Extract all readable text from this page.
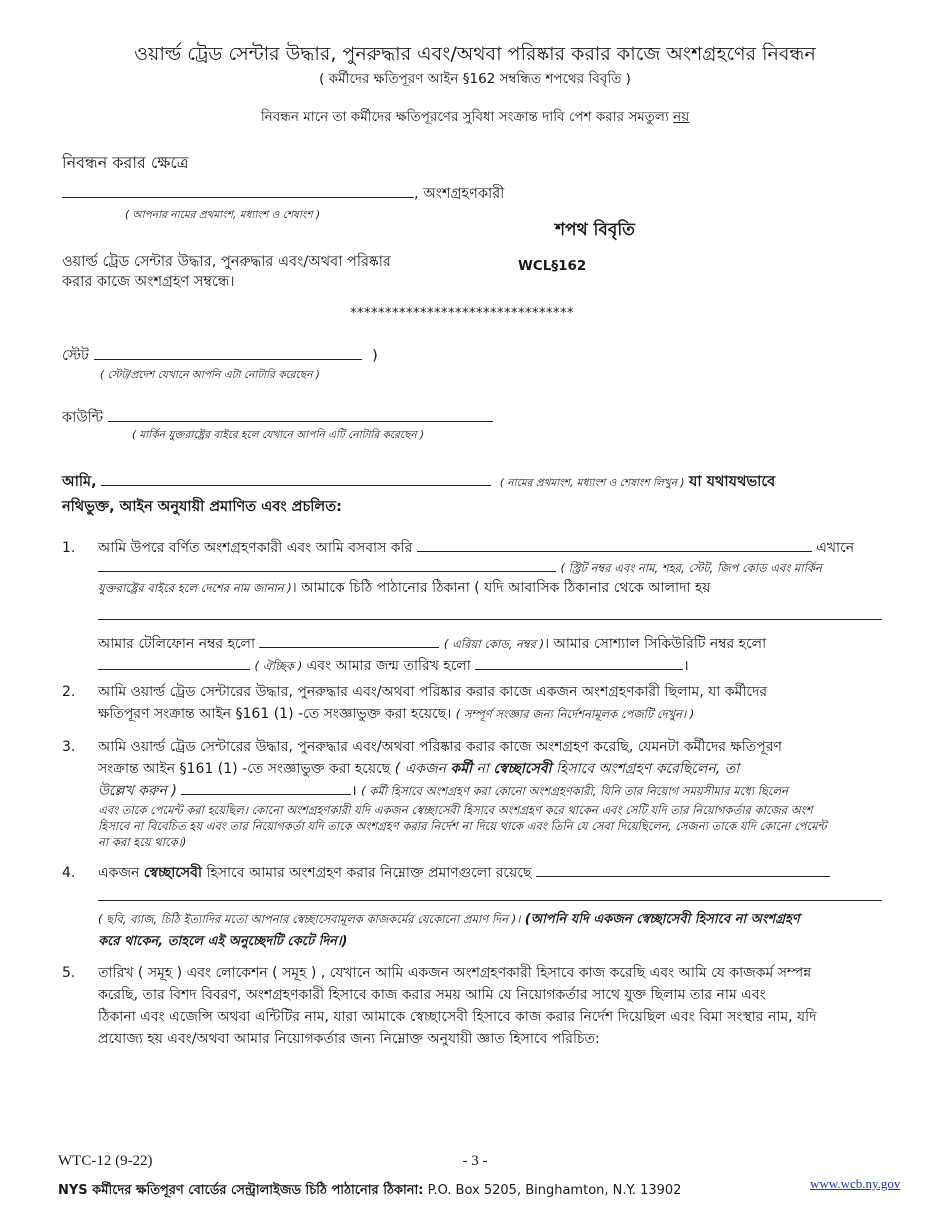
ওয়ার্ল্ড ট্রেড সেন্টার উদ্ধার, পুনরুদ্ধার এবং/অথবা পরিষ্কার করার কাজে অংশগ্রহণের নিবন্ধন
( কর্মীদের ক্ষতিপূরণ আইন §162 সম্বন্ধিত শপথের বিবৃতি )
নিবন্ধন মানে তা কর্মীদের ক্ষতিপূরণের সুবিধা সংক্রান্ত দাবি পেশ করার সমতুল্য নয়
নিবন্ধন করার ক্ষেত্রে
, অংশগ্রহণকারী
( আপনার নামের প্রথমাংশ, মধ্যাংশ ও শেষাংশ )
শপথ বিবৃতি
WCL§162
ওয়ার্ল্ড ট্রেড সেন্টার উদ্ধার, পুনরুদ্ধার এবং/অথবা পরিষ্কার
করার কাজে অংশগ্রহণ সম্বন্ধে।
********************************
স্টেট	)
( স্টেট/প্রদেশ যেখানে আপনি এটা নোটারি করেছেন )
কাউন্টি
( মার্কিন যুক্তরাষ্ট্রের বাইরে হলে যেখানে আপনি এটি নোটারি করেছেন )
আমি,	( নামের প্রথমাংশ, মধ্যাংশ ও শেষাংশ লিখুন ) যা যথাযথভাবে
নথিভুক্ত, আইন অনুযায়ী প্রমাণিত এবং প্রচলিত:
1.	আমি উপরে বর্ণিত অংশগ্রহণকারী এবং আমি বসবাস করি	এখানে
( স্ট্রিট নম্বর এবং নাম, শহর, স্টেট, জিপ কোড এবং মার্কিন
যুক্তরাষ্ট্রের বাইরে হলে দেশের নাম জানান )। আমাকে চিঠি পাঠানোর ঠিকানা ( যদি আবাসিক ঠিকানার থেকে আলাদা হয়
আমার টেলিফোন নম্বর হলো	( এরিয়া কোড, নম্বর )। আমার সোশ্যাল সিকিউরিটি নম্বর হলো
( ঐচ্ছিক ) এবং আমার জন্ম তারিখ হলো	।
2.	আমি ওয়ার্ল্ড ট্রেড সেন্টারের উদ্ধার, পুনরুদ্ধার এবং/অথবা পরিষ্কার করার কাজে একজন অংশগ্রহণকারী ছিলাম, যা কর্মীদের
ক্ষতিপূরণ সংক্রান্ত আইন §161 (1) -তে সংজ্ঞাভুক্ত করা হয়েছে। ( সম্পূর্ণ সংজ্ঞার জন্য নির্দেশনামূলক পেজটি দেখুন। )
3.	আমি ওয়ার্ল্ড ট্রেড সেন্টারের উদ্ধার, পুনরুদ্ধার এবং/অথবা পরিষ্কার করার কাজে অংশগ্রহণ করেছি, যেমনটা কর্মীদের ক্ষতিপূরণ
সংক্রান্ত আইন §161 (1) -তে সংজ্ঞাভুক্ত করা হয়েছে ( একজন কর্মী না স্বেচ্ছাসেবী হিসাবে অংশগ্রহণ করেছিলেন, তা
উল্লেখ করুন )	। ( কর্মী হিসাবে অংশগ্রহণ করা কোনো অংশগ্রহণকারী, যিনি তার নিয়োগ সময়সীমার মধ্যে ছিলেন
এবং তাকে পেমেন্ট করা হয়েছিল। কোনো অংশগ্রহণকারী যদি একজন স্বেচ্ছাসেবী হিসাবে অংশগ্রহণ করে থাকেন এবং সেটি যদি তার নিয়োগকর্তার কাজের অংশ
হিসাবে না বিবেচিত হয় এবং তার নিয়োগকর্তা যদি তাকে অংশগ্রহণ করার নির্দেশ না দিয়ে থাকে এবং তিনি যে সেবা দিয়েছিলেন, সেজন্য তাকে যদি কোনো পেমেন্ট
না করা হয়ে থাকে।)
4.	একজন স্বেচ্ছাসেবী হিসাবে আমার অংশগ্রহণ করার নিম্নোক্ত প্রমাণগুলো রয়েছে
( ছবি, ব্যাজ, চিঠি ইত্যাদির মতো আপনার স্বেচ্ছাসেবামূলক কাজকর্মের যেকোনো প্রমাণ দিন )। (আপনি যদি একজন স্বেচ্ছাসেবী হিসাবে না অংশগ্রহণ
করে থাকেন, তাহলে এই অনুচ্ছেদটি কেটে দিন।)
5.	তারিখ ( সমূহ ) এবং লোকেশন ( সমূহ ) , যেখানে আমি একজন অংশগ্রহণকারী হিসাবে কাজ করেছি এবং আমি যে কাজকর্ম সম্পন্ন
করেছি, তার বিশদ বিবরণ, অংশগ্রহণকারী হিসাবে কাজ করার সময় আমি যে নিয়োগকর্তার সাথে যুক্ত ছিলাম তার নাম এবং
ঠিকানা এবং এজেন্সি অথবা এন্টিটির নাম, যারা আমাকে স্বেচ্ছাসেবী হিসাবে কাজ করার নির্দেশ দিয়েছিল এবং বিমা সংস্থার নাম, যদি
প্রযোজ্য হয় এবং/অথবা আমার নিয়োগকর্তার জন্য নিম্নোক্ত অনুযায়ী জ্ঞাত হিসাবে পরিচিত:
WTC-12 (9-22)	- 3 -
NYS কর্মীদের ক্ষতিপূরণ বোর্ডের সেন্ট্রালাইজড চিঠি পাঠানোর ঠিকানা: P.O. Box 5205, Binghamton, N.Y. 13902	www.wcb.ny.gov
